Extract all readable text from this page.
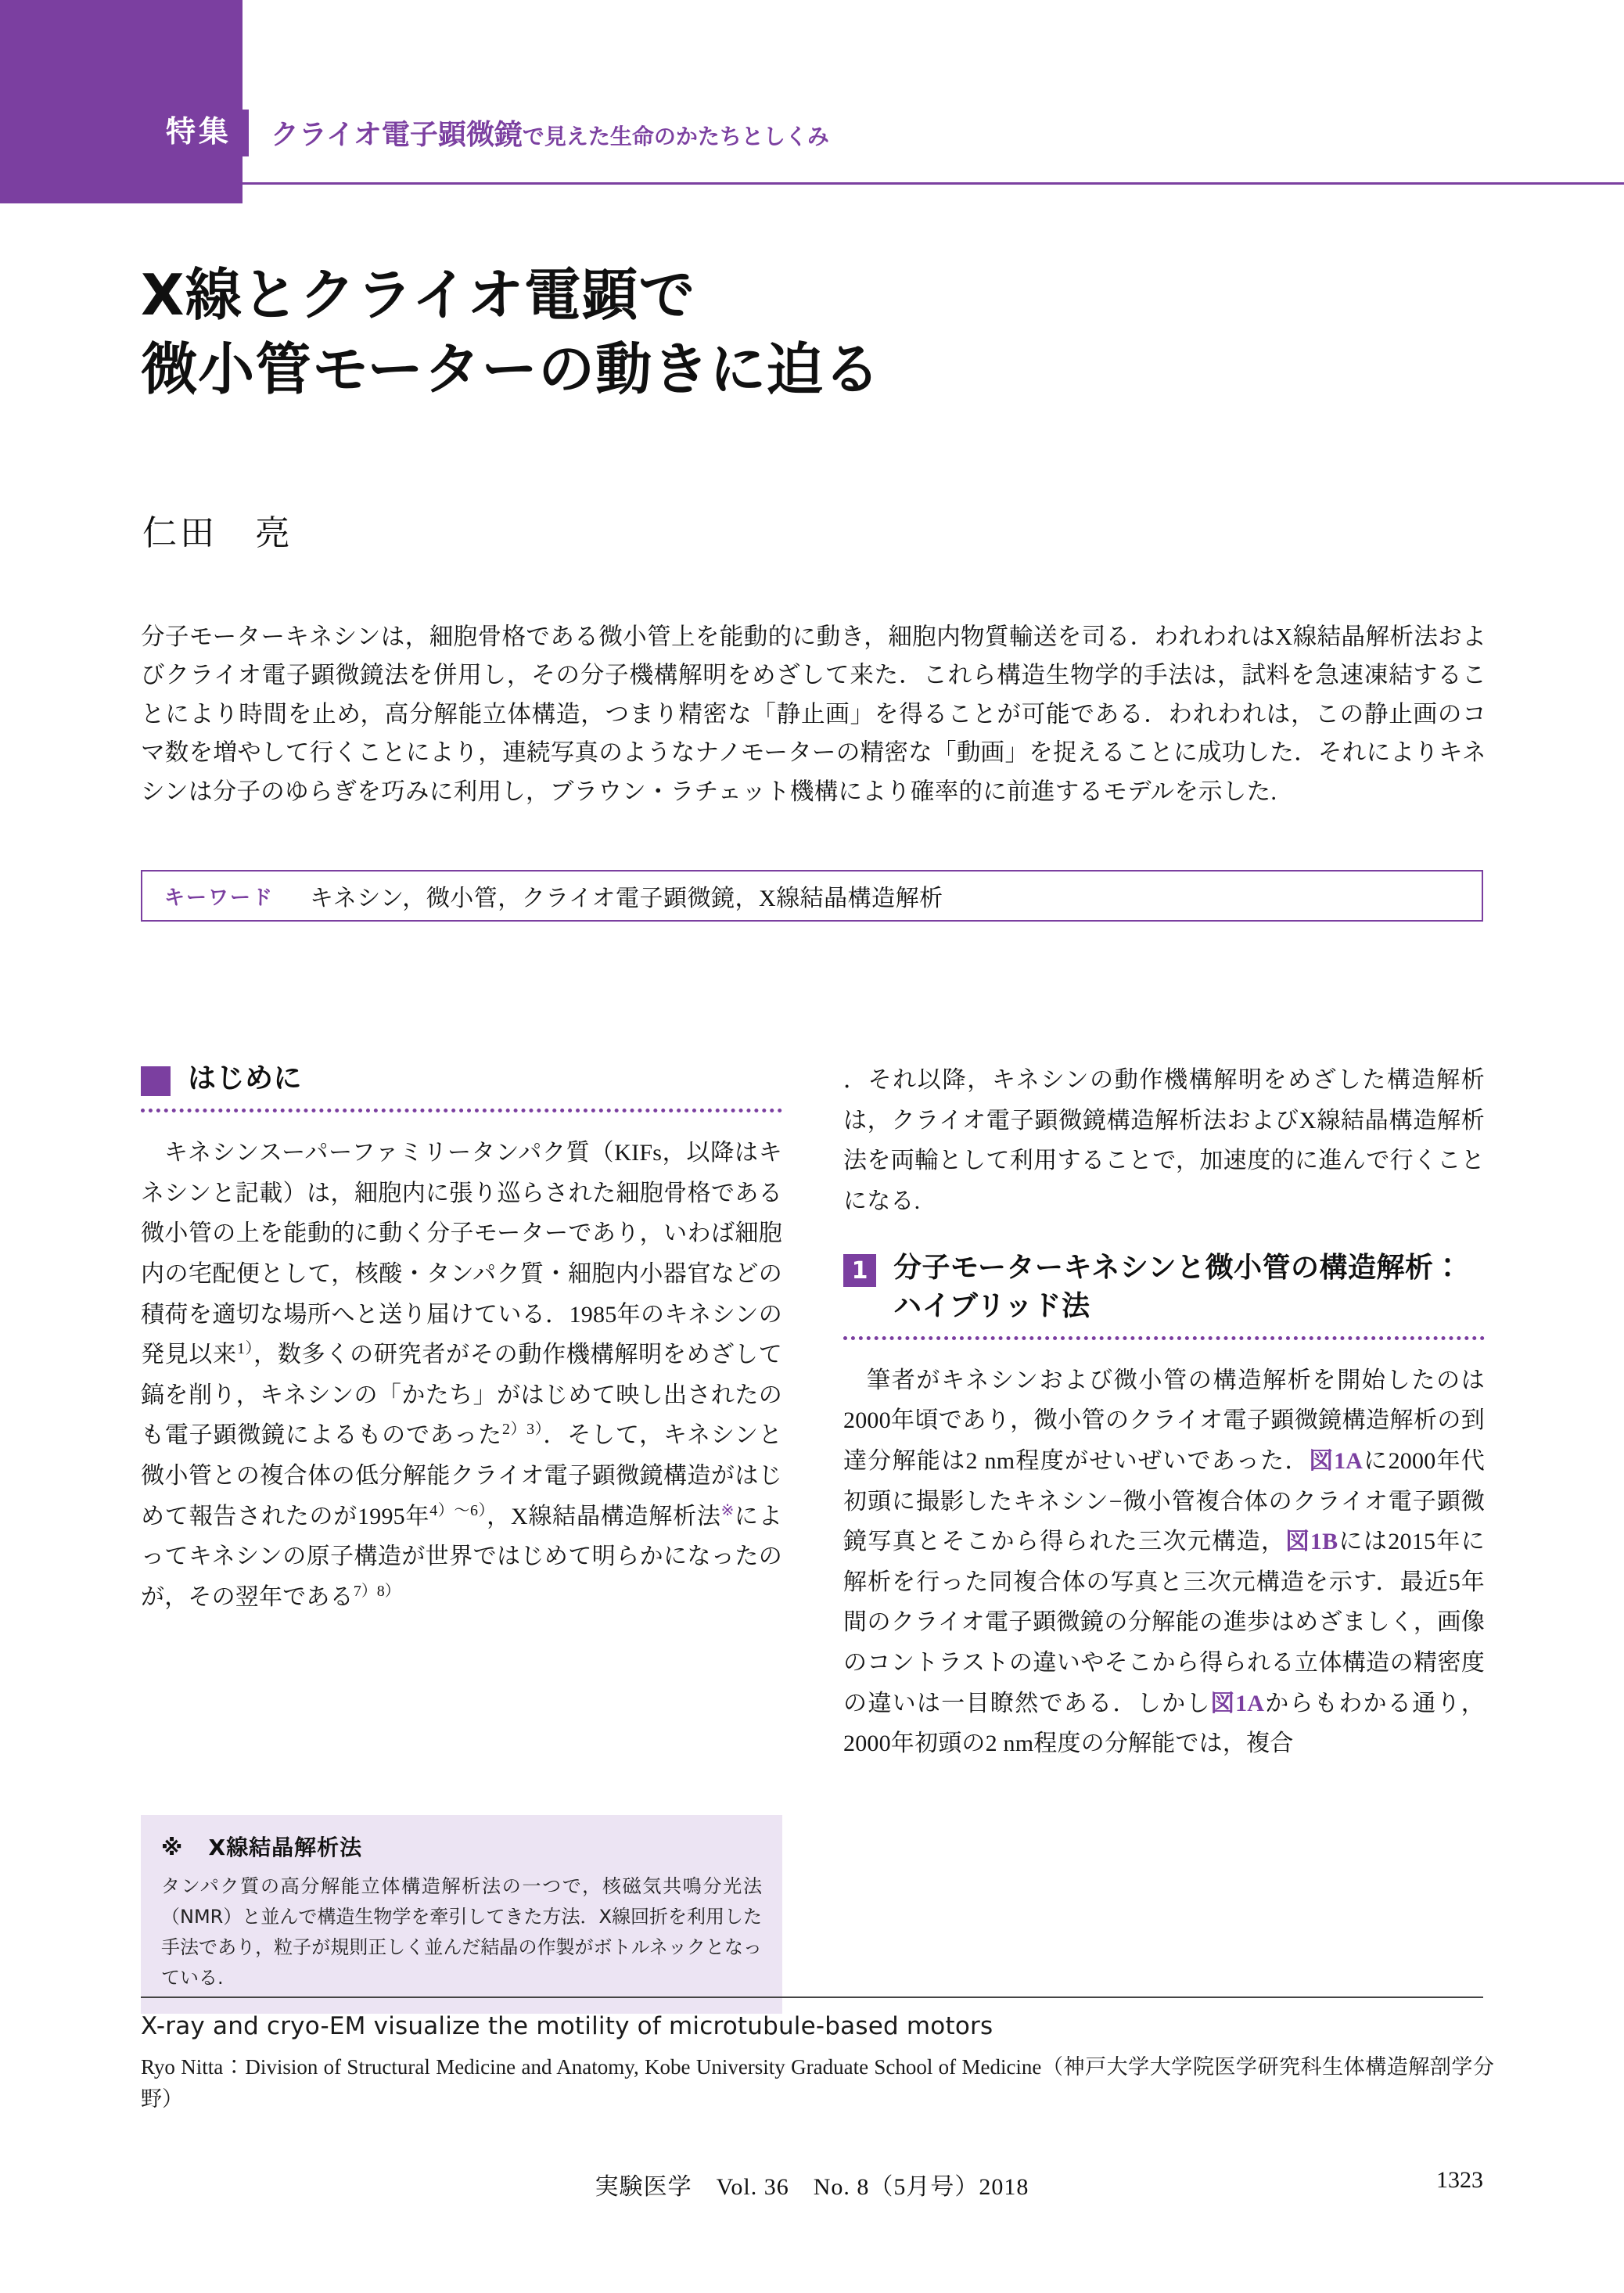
特集	クライオ電子顕微鏡で見えた生命のかたちとしくみ
X線とクライオ電顕で
微小管モーターの動きに迫る
仁田　亮
分子モーターキネシンは，細胞骨格である微小管上を能動的に動き，細胞内物質輸送を司る．われわれはX線結晶解析法およびクライオ電子顕微鏡法を併用し，その分子機構解明をめざして来た．これら構造生物学的手法は，試料を急速凍結することにより時間を止め，高分解能立体構造，つまり精密な「静止画」を得ることが可能である．われわれは，この静止画のコマ数を増やして行くことにより，連続写真のようなナノモーターの精密な「動画」を捉えることに成功した．それによりキネシンは分子のゆらぎを巧みに利用し，ブラウン・ラチェット機構により確率的に前進するモデルを示した.
キーワード キネシン，微小管，クライオ電子顕微鏡，X線結晶構造解析
はじめに

キネシンスーパーファミリータンパク質（KIFs，以降はキネシンと記載）は，細胞内に張り巡らされた細胞骨格である微小管の上を能動的に動く分子モーターであり，いわば細胞内の宅配便として，核酸・タンパク質・細胞内小器官などの積荷を適切な場所へと送り届けている．1985年のキネシンの発見以来$^{1)}$，数多くの研究者がその動作機構解明をめざして鎬を削り，キネシンの「かたち」がはじめて映し出されたのも電子顕微鏡によるものであった$^{2)3)}$．そして，キネシンと微小管との複合体の低分解能クライオ電子顕微鏡構造がはじめて報告されたのが1995年$^{4)〜6)}$，X線結晶構造解析法※によってキネシンの原子構造が世界ではじめて明らかになったのが，その翌年である$^{7)8)}$

．それ以降，キネシンの動作機構解明をめざした構造解析は，クライオ電子顕微鏡構造解析法およびX線結晶構造解析法を両輪として利用することで，加速度的に進んで行くことになる.

1 分子モーターキネシンと微小管の構造解析：
ハイブリッド法

筆者がキネシンおよび微小管の構造解析を開始したのは2000年頃であり，微小管のクライオ電子顕微鏡構造解析の到達分解能は2 nm程度がせいぜいであった．図1Aに2000年代初頭に撮影したキネシン−微小管複合体のクライオ電子顕微鏡写真とそこから得られた三次元構造，図1Bには2015年に解析を行った同複合体の写真と三次元構造を示す．最近5年間のクライオ電子顕微鏡の分解能の進歩はめざましく，画像のコントラストの違いやそこから得られる立体構造の精密度の違いは一目瞭然である．しかし図1Aからもわかる通り，2000年初頭の2 nm程度の分解能では，複合

※ X線結晶解析法
タンパク質の高分解能立体構造解析法の一つで，核磁気共鳴分光法（NMR）と並んで構造生物学を牽引してきた方法．X線回折を利用した手法であり，粒子が規則正しく並んだ結晶の作製がボトルネックとなっている.
X-ray and cryo-EM visualize the motility of microtubule-based motors
Ryo Nitta：Division of Structural Medicine and Anatomy, Kobe University Graduate School of Medicine（神戸大学大学院医学研究科生体構造解剖学分野）
実験医学　Vol. 36　No. 8（5月号）2018	1323
